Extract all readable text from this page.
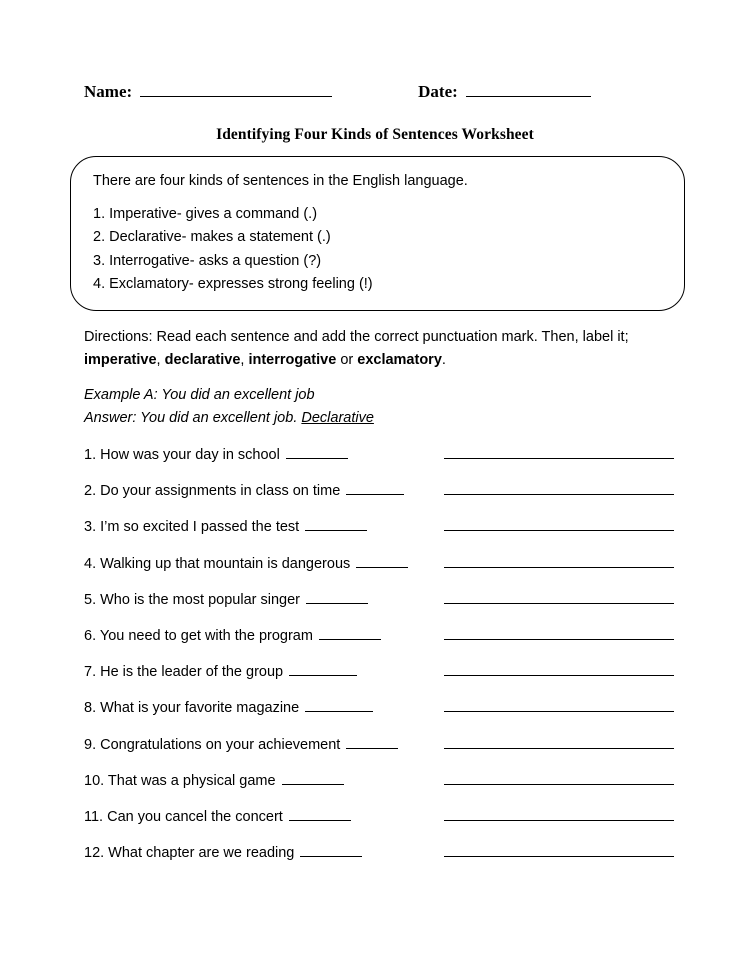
Name:	Date:
Identifying Four Kinds of Sentences Worksheet

There are four kinds of sentences in the English language.

1. Imperative- gives a command (.)
2. Declarative- makes a statement (.)
3. Interrogative- asks a question (?)
4. Exclamatory- expresses strong feeling (!)
Directions: Read each sentence and add the correct punctuation mark. Then, label it; imperative, declarative, interrogative or exclamatory.
Example A: You did an excellent job
Answer: You did an excellent job. Declarative
1. How was your day in school
2. Do your assignments in class on time
3. I’m so excited I passed the test
4. Walking up that mountain is dangerous
5. Who is the most popular singer
6. You need to get with the program
7. He is the leader of the group
8. What is your favorite magazine
9. Congratulations on your achievement
10. That was a physical game
11. Can you cancel the concert
12. What chapter are we reading
